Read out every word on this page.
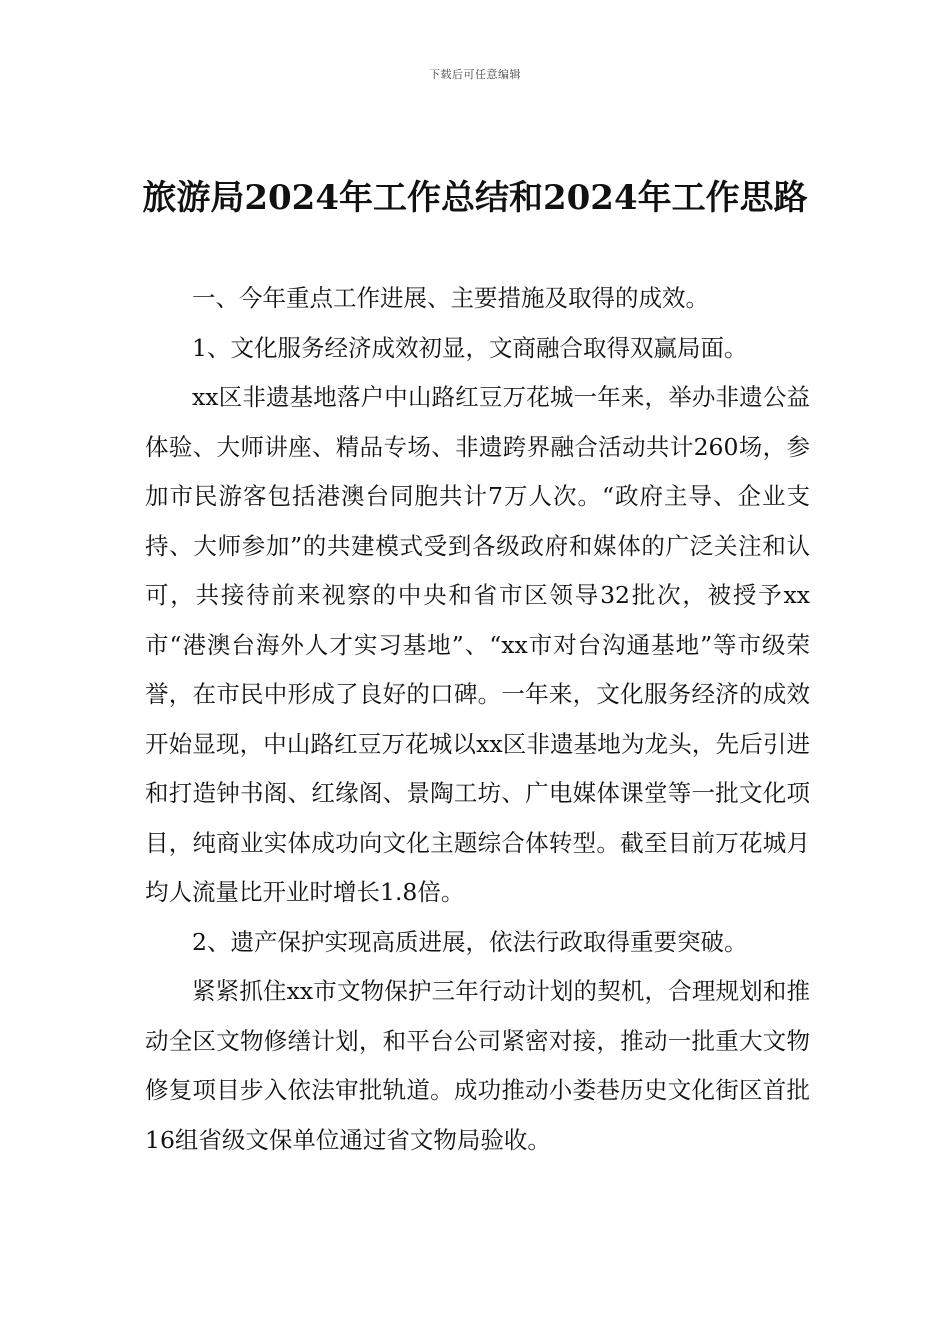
下载后可任意编辑
旅游局2024年工作总结和2024年工作思路

一、今年重点工作进展、主要措施及取得的成效。

1、文化服务经济成效初显，文商融合取得双赢局面。

xx区非遗基地落户中山路红豆万花城一年来，举办非遗公益体验、大师讲座、精品专场、非遗跨界融合活动共计260场，参加市民游客包括港澳台同胞共计7万人次。“政府主导、企业支持、大师参加”的共建模式受到各级政府和媒体的广泛关注和认可，共接待前来视察的中央和省市区领导32批次，被授予xx市“港澳台海外人才实习基地”、“xx市对台沟通基地”等市级荣誉，在市民中形成了良好的口碑。一年来，文化服务经济的成效开始显现，中山路红豆万花城以xx区非遗基地为龙头，先后引进和打造钟书阁、红缘阁、景陶工坊、广电媒体课堂等一批文化项目，纯商业实体成功向文化主题综合体转型。截至目前万花城月均人流量比开业时增长1.8倍。

2、遗产保护实现高质进展，依法行政取得重要突破。

紧紧抓住xx市文物保护三年行动计划的契机，合理规划和推动全区文物修缮计划，和平台公司紧密对接，推动一批重大文物修复项目步入依法审批轨道。成功推动小娄巷历史文化街区首批16组省级文保单位通过省文物局验收。
